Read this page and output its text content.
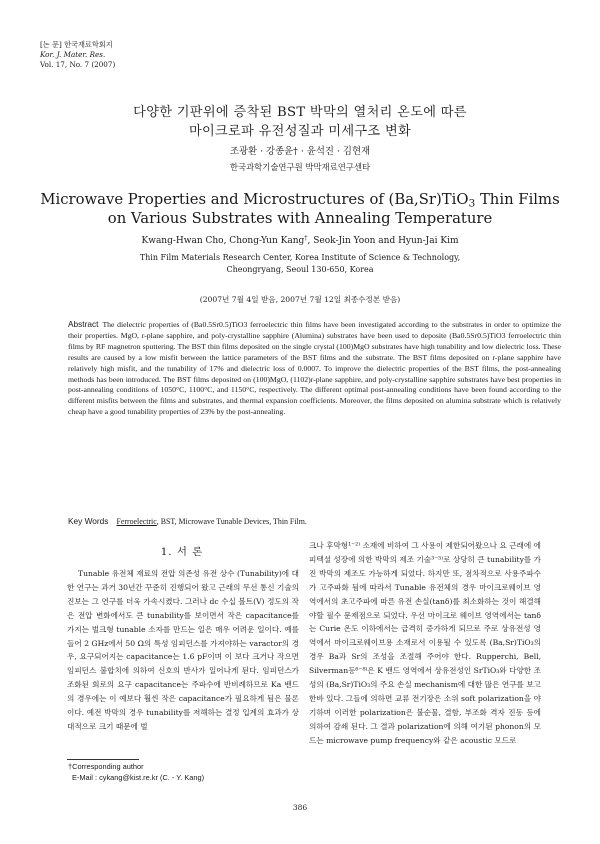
[논 문] 한국재료학회지
Kor. J. Mater. Res.
Vol. 17, No. 7 (2007)
다양한 기판위에 증착된 BST 박막의 열처리 온도에 따른
마이크로파 유전성질과 미세구조 변화
조광환 · 강종윤† · 윤석진 · 김현재
한국과학기술연구원 박막재료연구센타
Microwave Properties and Microstructures of (Ba,Sr)TiO$_3$ Thin Films
on Various Substrates with Annealing Temperature
Kwang-Hwan Cho, Chong-Yun Kang†, Seok-Jin Yoon and Hyun-Jai Kim
Thin Film Materials Research Center, Korea Institute of Science & Technology,
Cheongryang, Seoul 130-650, Korea
(2007년 7월 4일 받음, 2007년 7월 12일 최종수정본 받음)
Abstract The dielectric properties of (Ba0.5Sr0.5)TiO3 ferroelectric thin films have been investigated according to the substrates in order to optimize the their properties. MgO, r-plane sapphire, and poly-crystalline sapphire (Alumina) substrates have been used to deposite (Ba0.5Sr0.5)TiO3 ferroelectric thin films by RF magnetron sputtering. The BST thin films deposited on the single crystal (100)MgO substrates have high tunability and low dielectric loss. These results are caused by a low misfit between the lattice parameters of the BST films and the substrate. The BST films deposited on r-plane sapphire have relatively high misfit, and the tunability of 17% and dielectric loss of 0.0007. To improve the dielectric properties of the BST films, the post-annealing methods has been introduced. The BST films deposited on (100)MgO, (1102)r-plane sapphire, and poly-crystalline sapphire substrates have best properties in post-annealing conditions of 1050°C, 1100°C, and 1150°C, respectively. The different optimal post-annealing conditions have been found according to the different misfits between the films and substrates, and thermal expansion coefficients. Moreover, the films deposited on alumina substrate which is relatively cheap have a good tunability properties of 23% by the post-annealing.
Key Words Ferroelectric, BST, Microwave Tunable Devices, Thin Film.
1. 서 론

Tunable 유전체 재료의 전압 의존성 유전 상수 (Tunability)에 대한 연구는 과거 30년간 꾸준히 진행되어 왔고 근래의 무선 통신 기술의 진보는 그 연구를 더욱 가속시켰다. 그러나 dc 수십 볼트(V) 정도의 작은 전압 변화에서도 큰 tunability를 보이면서 작은 capacitance를 가지는 벌크형 tunable 소자를 만드는 일은 매우 어려운 일이다. 예를 들어 2 GHz에서 50 Ω의 특성 임피던스를 가져야하는 varactor의 경우, 요구되어지는 capacitance는 1.6 pF이며 이 보다 크거나 작으면 임피던스 불합치에 의하여 신호의 반사가 일어나게 된다. 임피던스가 조화된 회로의 요구 capacitance는 주파수에 반비례하므로 Ka 밴드의 경우에는 이 예보다 훨씬 작은 capacitance가 필요하게 됨은 물론이다. 예전 박막의 경우 tunability를 저해하는 결정 입계의 효과가 상대적으로 크기 때문에 벌

크나 후막형¹⁻²⁾ 소재에 비하여 그 사용이 제한되어왔으나 요 근래에 에피텍셜 성장에 의한 박막의 제조 기술³⁻⁵⁾로 상당히 큰 tunability를 가진 박막의 제조도 가능하게 되었다. 하지만 또, 점차적으로 사용주파수가 고주파화 됨에 따라서 Tunable 유전체의 경우 마이크로웨이브 영역에서의 초고주파에 따른 유전 손실(tanδ)를 최소화하는 것이 해결해야할 필수 문제점으로 되었다. 우선 마이크로 웨이브 영역에서는 tanδ는 Curie 온도 이하에서는 급격히 증가하게 되므로 주로 상유전성 영역에서 마이크로웨이브용 소재로서 이용될 수 있도록 (Ba,Sr)TiO₃의 경우 Ba과 Sr의 조성을 조절해 주어야 한다. Rupperchi, Bell, Silverman등⁶⁻⁸⁾은 K 밴드 영역에서 상유전성인 SrTiO₃와 다양한 조성의 (Ba,Sr)TiO₃의 주요 손실 mechanism에 대한 많은 연구를 보고한바 있다. 그들에 의하면 교류 전기장은 소위 soft polarization을 야기하며 이러한 polarization은 불순물, 결함, 부조화 격자 진동 등에 의하여 감쇄 된다. 그 결과 polarization에 의해 여기된 phonon의 모드는 microwave pump frequency와 같은 acoustic 모드로

†Corresponding author
E-Mail : cykang@kist.re.kr (C. - Y. Kang)
386
